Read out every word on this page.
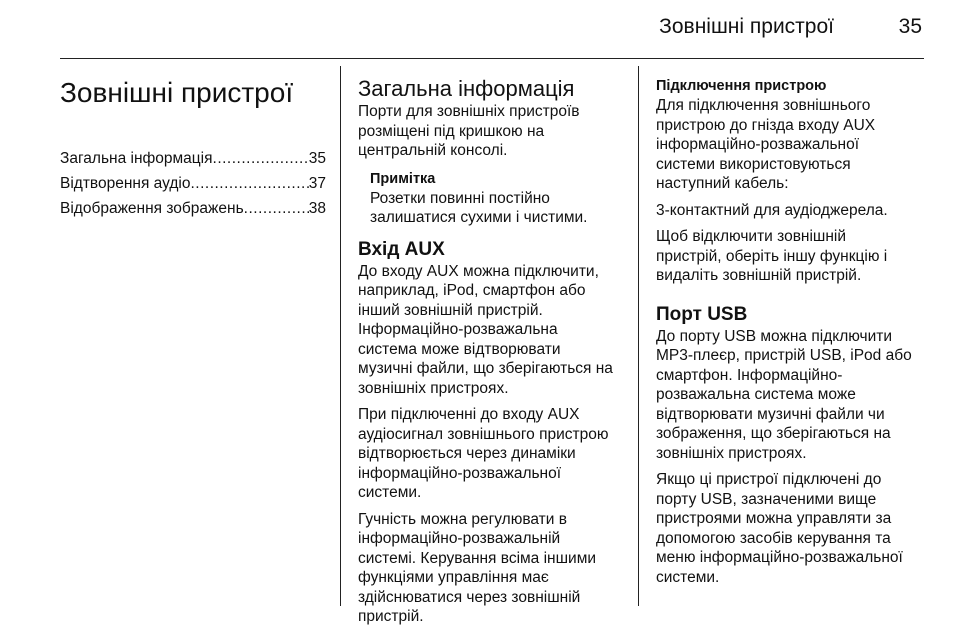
Зовнішні пристрої	35
Зовнішні пристрої
Загальна інформація .....	35
Відтворення аудіо .....	37
Відображення зображень .....	38
Загальна інформація

Порти для зовнішніх пристроїв
розміщені під кришкою на
центральній консолі.

Примітка

Розетки повинні постійно
залишатися сухими і чистими.

Вхід AUX

До входу AUX можна підключити,
наприклад, iPod, смартфон або
інший зовнішній пристрій.
Інформаційно-розважальна
система може відтворювати
музичні файли, що зберігаються на
зовнішніх пристроях.

При підключенні до входу AUX
аудіосигнал зовнішнього пристрою
відтворюється через динаміки
інформаційно-розважальної
системи.

Гучність можна регулювати в
інформаційно-розважальній
системі. Керування всіма іншими
функціями управління має
здійснюватися через зовнішній
пристрій.

Підключення пристрою

Для підключення зовнішнього
пристрою до гнізда входу AUX
інформаційно-розважальної
системи використовуються
наступний кабель:

3-контактний для аудіоджерела.

Щоб відключити зовнішній
пристрій, оберіть іншу функцію і
видаліть зовнішній пристрій.

Порт USB

До порту USB можна підключити
МР3-плеєр, пристрій USB, iPod або
смартфон. Інформаційно-
розважальна система може
відтворювати музичні файли чи
зображення, що зберігаються на
зовнішніх пристроях.

Якщо ці пристрої підключені до
порту USB, зазначеними вище
пристроями можна управляти за
допомогою засобів керування та
меню інформаційно-розважальної
системи.
